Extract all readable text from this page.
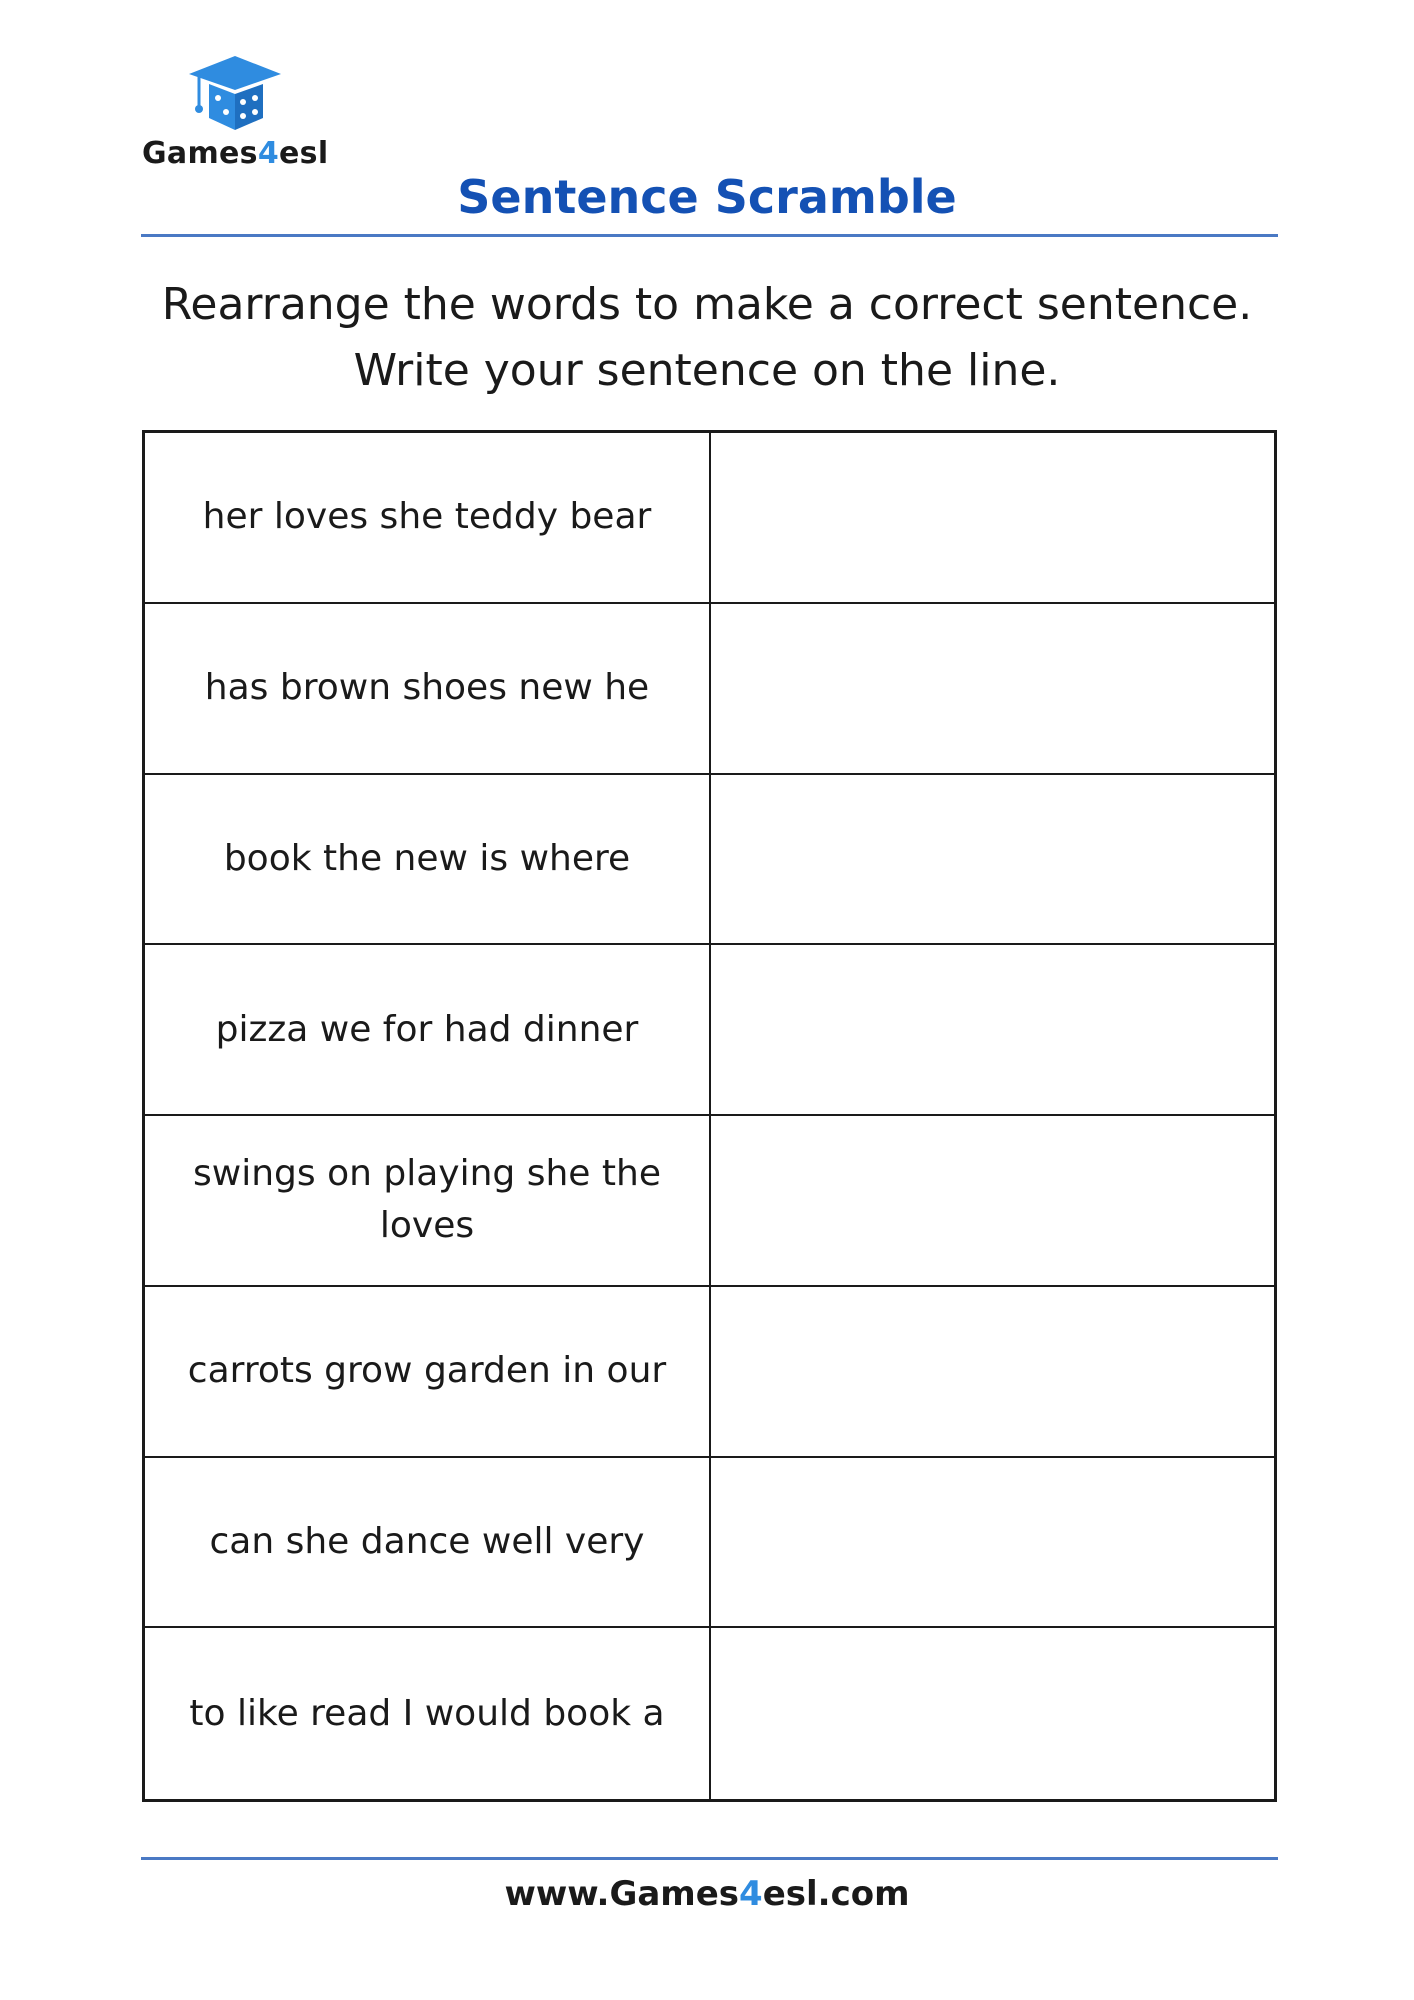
Games4esl
Sentence Scramble
Rearrange the words to make a correct sentence.
Write your sentence on the line.
her loves she teddy bear
has brown shoes new he
book the new is where
pizza we for had dinner
swings on playing she the loves
carrots grow garden in our
can she dance well very
to like read I would book a
www.Games4esl.com
